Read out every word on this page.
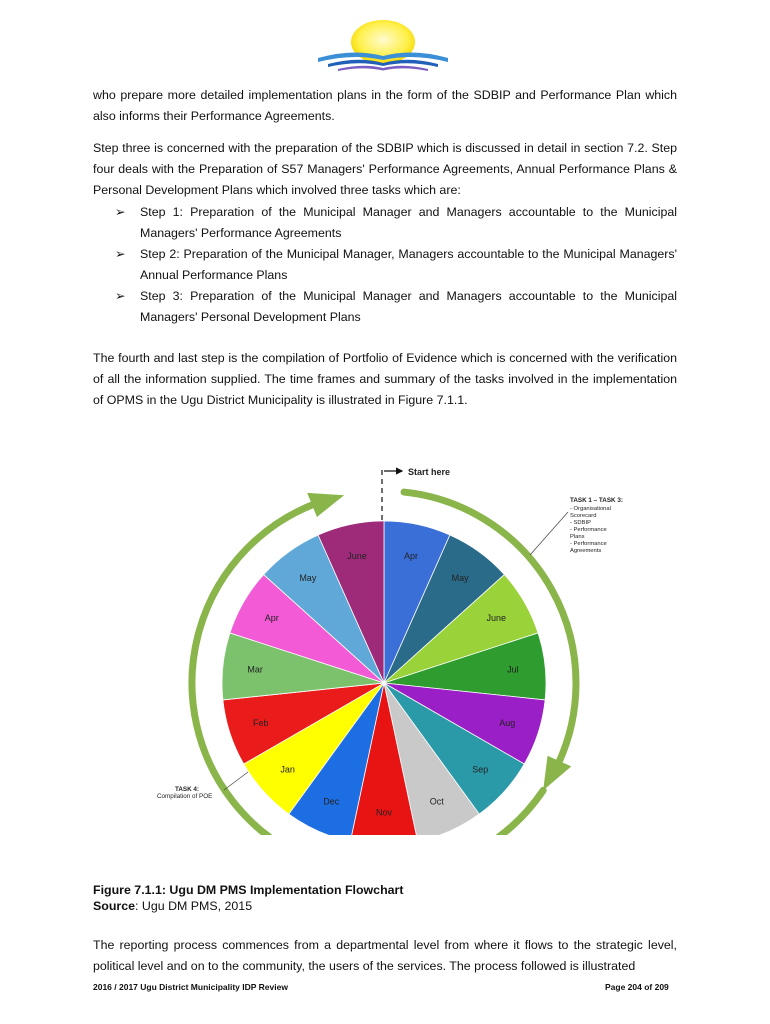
who prepare more detailed implementation plans in the form of the SDBIP and Performance Plan which also informs their Performance Agreements.

Step three is concerned with the preparation of the SDBIP which is discussed in detail in section 7.2. Step four deals with the Preparation of S57 Managers' Performance Agreements, Annual Performance Plans & Personal Development Plans which involved three tasks which are:

➢	Step 1: Preparation of the Municipal Manager and Managers accountable to the Municipal Managers' Performance Agreements
➢	Step 2: Preparation of the Municipal Manager, Managers accountable to the Municipal Managers' Annual Performance Plans
➢	Step 3: Preparation of the Municipal Manager and Managers accountable to the Municipal Managers' Personal Development Plans

The fourth and last step is the compilation of Portfolio of Evidence which is concerned with the verification of all the information supplied. The time frames and summary of the tasks involved in the implementation of OPMS in the Ugu District Municipality is illustrated in Figure 7.1.1.

Start here
Apr
May
June
Jul
Aug
Sep
Oct
Nov
Dec
Jan
Feb
Mar
Apr
May
June
TASK 1 – TASK 3:
- Organisational
Scorecard
- SDBIP
- Performance
Plans
- Performance
Agreements
TASK 4:
Compilation of POE
Figure 7.1.1: Ugu DM PMS Implementation Flowchart
Source: Ugu DM PMS, 2015

The reporting process commences from a departmental level from where it flows to the strategic level, political level and on to the community, the users of the services. The process followed is illustrated

2016 / 2017 Ugu District Municipality IDP Review	Page 204 of 209
